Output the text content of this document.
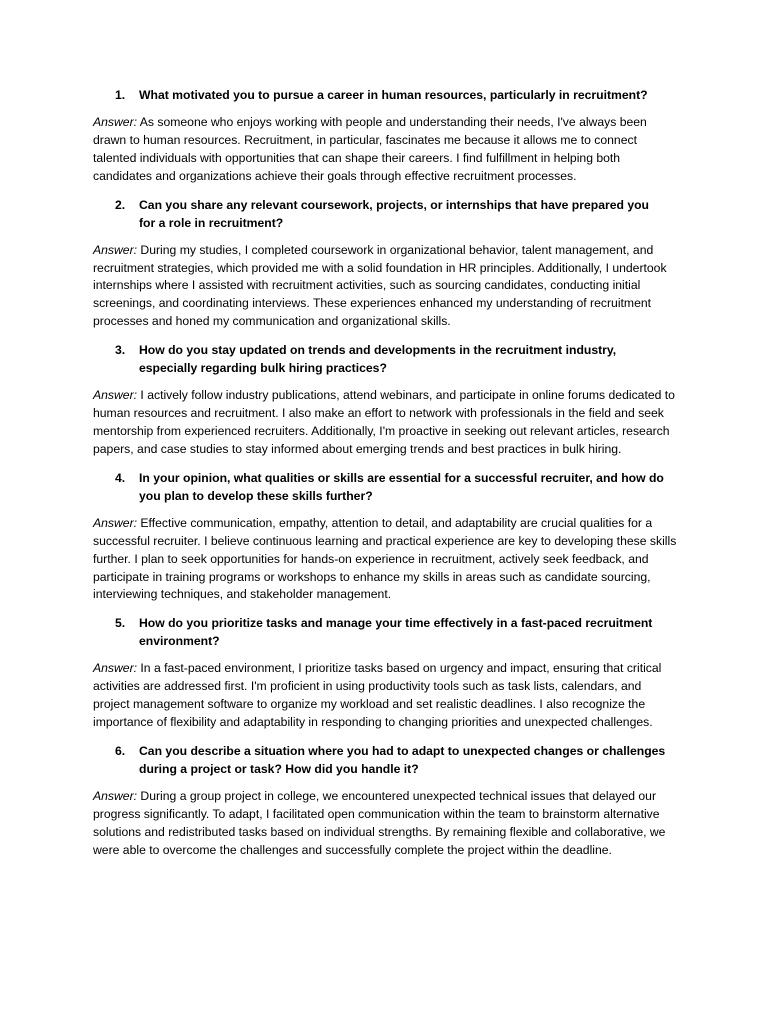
1.	What motivated you to pursue a career in human resources, particularly in recruitment?

Answer: As someone who enjoys working with people and understanding their needs, I've always been drawn to human resources. Recruitment, in particular, fascinates me because it allows me to connect talented individuals with opportunities that can shape their careers. I find fulfillment in helping both candidates and organizations achieve their goals through effective recruitment processes.

2.	Can you share any relevant coursework, projects, or internships that have prepared you for a role in recruitment?

Answer: During my studies, I completed coursework in organizational behavior, talent management, and recruitment strategies, which provided me with a solid foundation in HR principles. Additionally, I undertook internships where I assisted with recruitment activities, such as sourcing candidates, conducting initial screenings, and coordinating interviews. These experiences enhanced my understanding of recruitment processes and honed my communication and organizational skills.

3.	How do you stay updated on trends and developments in the recruitment industry, especially regarding bulk hiring practices?

Answer: I actively follow industry publications, attend webinars, and participate in online forums dedicated to human resources and recruitment. I also make an effort to network with professionals in the field and seek mentorship from experienced recruiters. Additionally, I'm proactive in seeking out relevant articles, research papers, and case studies to stay informed about emerging trends and best practices in bulk hiring.

4.	In your opinion, what qualities or skills are essential for a successful recruiter, and how do you plan to develop these skills further?

Answer: Effective communication, empathy, attention to detail, and adaptability are crucial qualities for a successful recruiter. I believe continuous learning and practical experience are key to developing these skills further. I plan to seek opportunities for hands-on experience in recruitment, actively seek feedback, and participate in training programs or workshops to enhance my skills in areas such as candidate sourcing, interviewing techniques, and stakeholder management.

5.	How do you prioritize tasks and manage your time effectively in a fast-paced recruitment environment?

Answer: In a fast-paced environment, I prioritize tasks based on urgency and impact, ensuring that critical activities are addressed first. I'm proficient in using productivity tools such as task lists, calendars, and project management software to organize my workload and set realistic deadlines. I also recognize the importance of flexibility and adaptability in responding to changing priorities and unexpected challenges.

6.	Can you describe a situation where you had to adapt to unexpected changes or challenges during a project or task? How did you handle it?

Answer: During a group project in college, we encountered unexpected technical issues that delayed our progress significantly. To adapt, I facilitated open communication within the team to brainstorm alternative solutions and redistributed tasks based on individual strengths. By remaining flexible and collaborative, we were able to overcome the challenges and successfully complete the project within the deadline.
